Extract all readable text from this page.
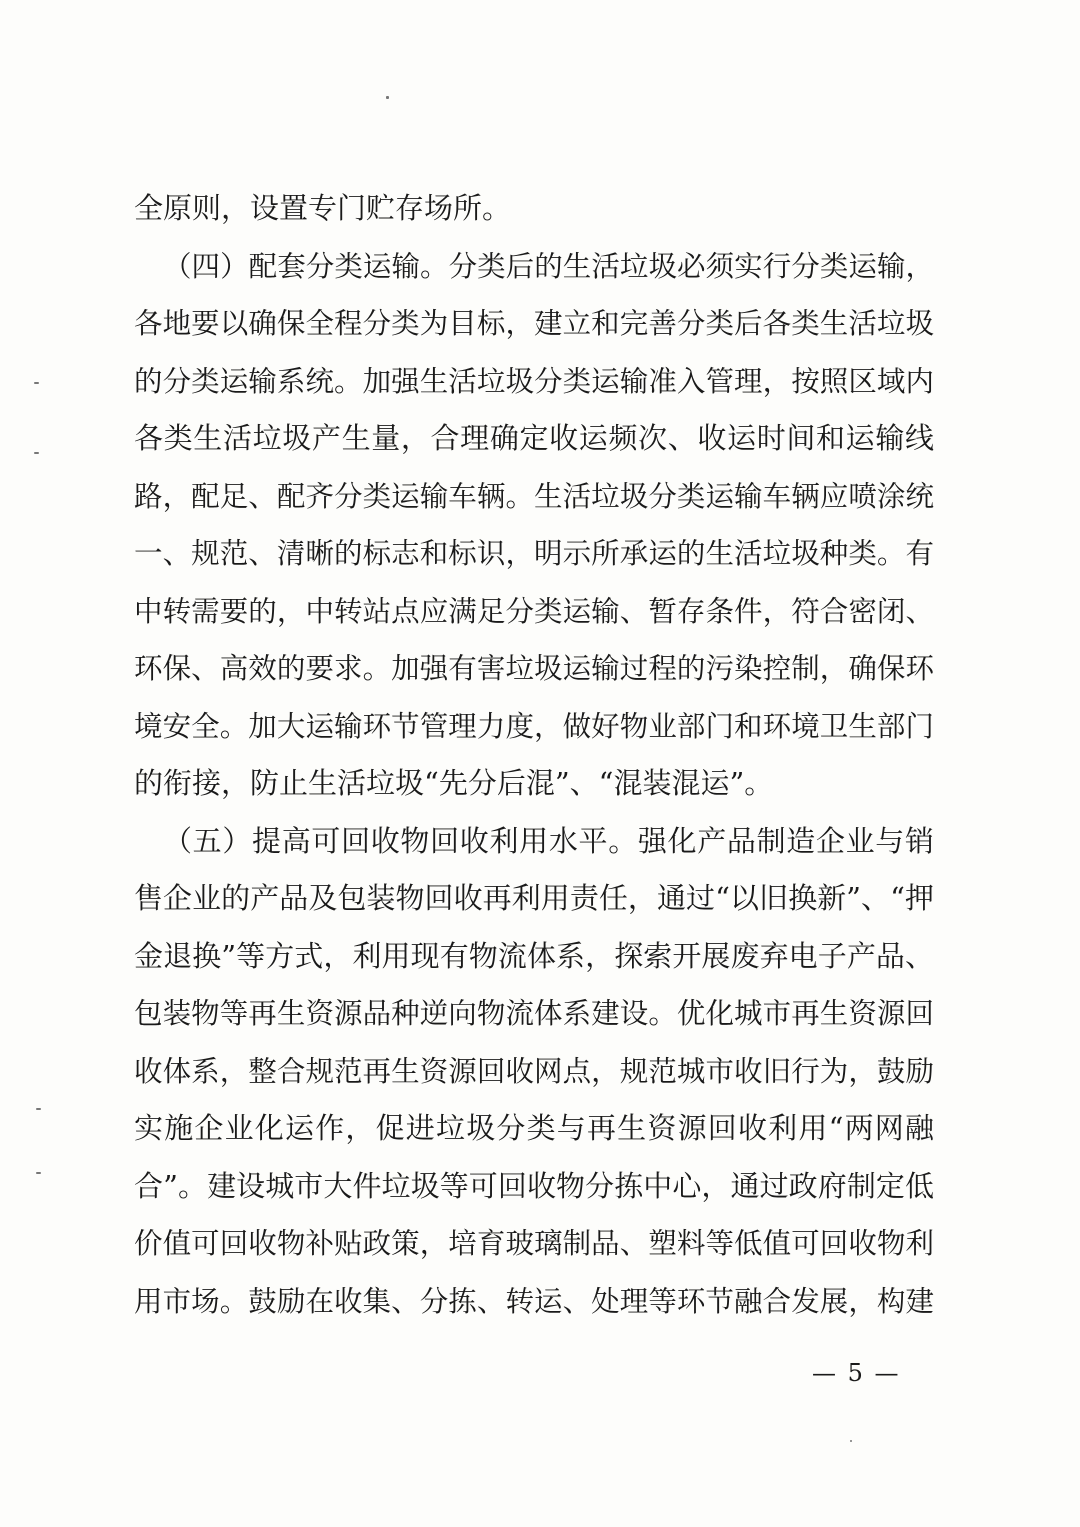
全原则，设置专门贮存场所。
（四）配套分类运输。分类后的生活垃圾必须实行分类运输，
各地要以确保全程分类为目标，建立和完善分类后各类生活垃圾
的分类运输系统。加强生活垃圾分类运输准入管理，按照区域内
各类生活垃圾产生量，合理确定收运频次、收运时间和运输线
路，配足、配齐分类运输车辆。生活垃圾分类运输车辆应喷涂统
一、规范、清晰的标志和标识，明示所承运的生活垃圾种类。有
中转需要的，中转站点应满足分类运输、暂存条件，符合密闭、
环保、高效的要求。加强有害垃圾运输过程的污染控制，确保环
境安全。加大运输环节管理力度，做好物业部门和环境卫生部门
的衔接，防止生活垃圾“先分后混”、“混装混运”。
（五）提高可回收物回收利用水平。强化产品制造企业与销
售企业的产品及包装物回收再利用责任，通过“以旧换新”、“押
金退换”等方式，利用现有物流体系，探索开展废弃电子产品、
包装物等再生资源品种逆向物流体系建设。优化城市再生资源回
收体系，整合规范再生资源回收网点，规范城市收旧行为，鼓励
实施企业化运作，促进垃圾分类与再生资源回收利用“两网融
合”。建设城市大件垃圾等可回收物分拣中心，通过政府制定低
价值可回收物补贴政策，培育玻璃制品、塑料等低值可回收物利
用市场。鼓励在收集、分拣、转运、处理等环节融合发展，构建
— 5 —
